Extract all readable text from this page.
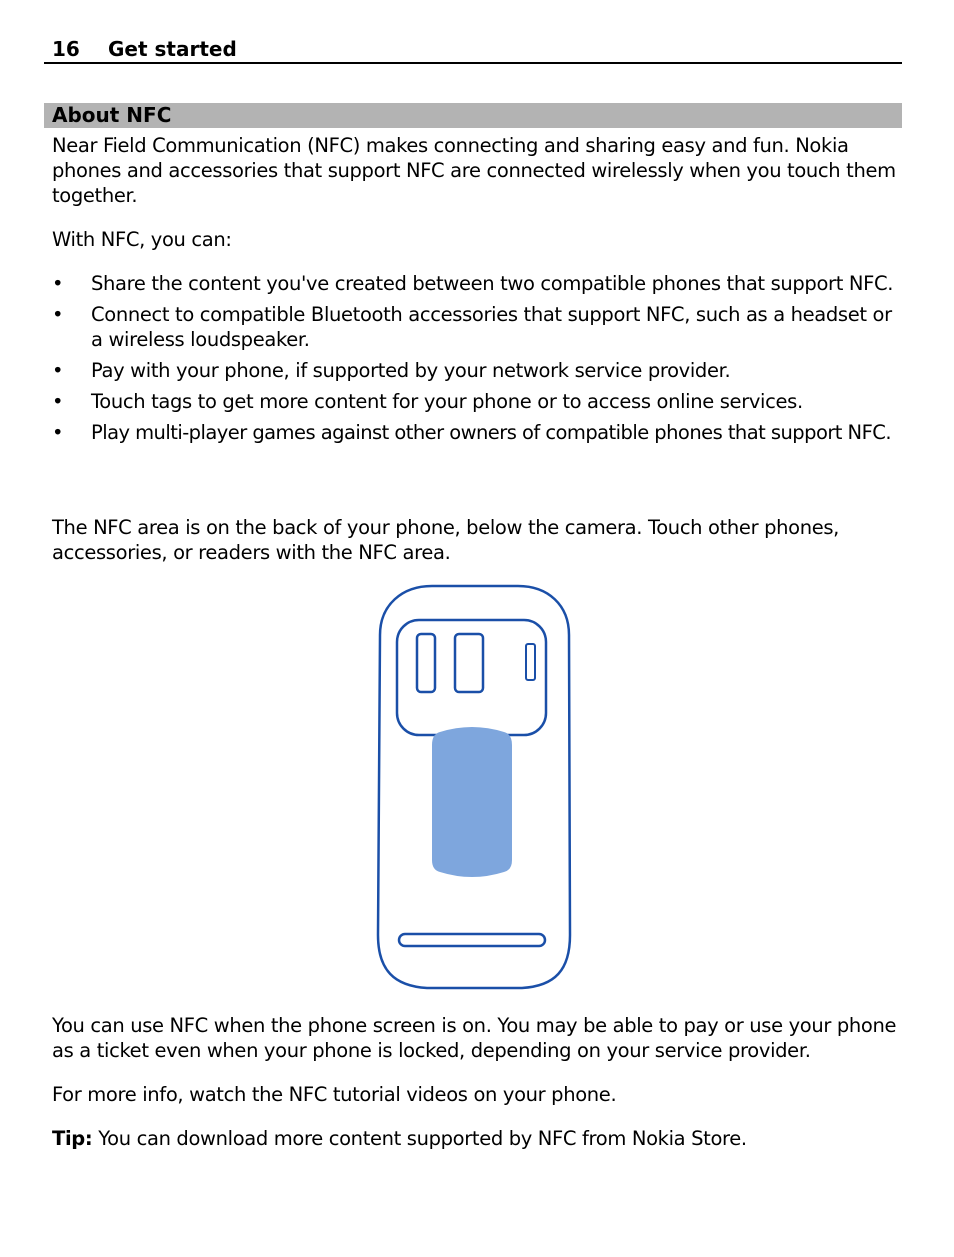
16 Get started
About NFC

Near Field Communication (NFC) makes connecting and sharing easy and fun. Nokia phones and accessories that support NFC are connected wirelessly when you touch them together.

With NFC, you can:

• Share the content you've created between two compatible phones that support NFC.
• Connect to compatible Bluetooth accessories that support NFC, such as a headset or a wireless loudspeaker.
• Pay with your phone, if supported by your network service provider.
• Touch tags to get more content for your phone or to access online services.
• Play multi-player games against other owners of compatible phones that support NFC.

The NFC area is on the back of your phone, below the camera. Touch other phones, accessories, or readers with the NFC area.

You can use NFC when the phone screen is on. You may be able to pay or use your phone as a ticket even when your phone is locked, depending on your service provider.

For more info, watch the NFC tutorial videos on your phone.

Tip: You can download more content supported by NFC from Nokia Store.
